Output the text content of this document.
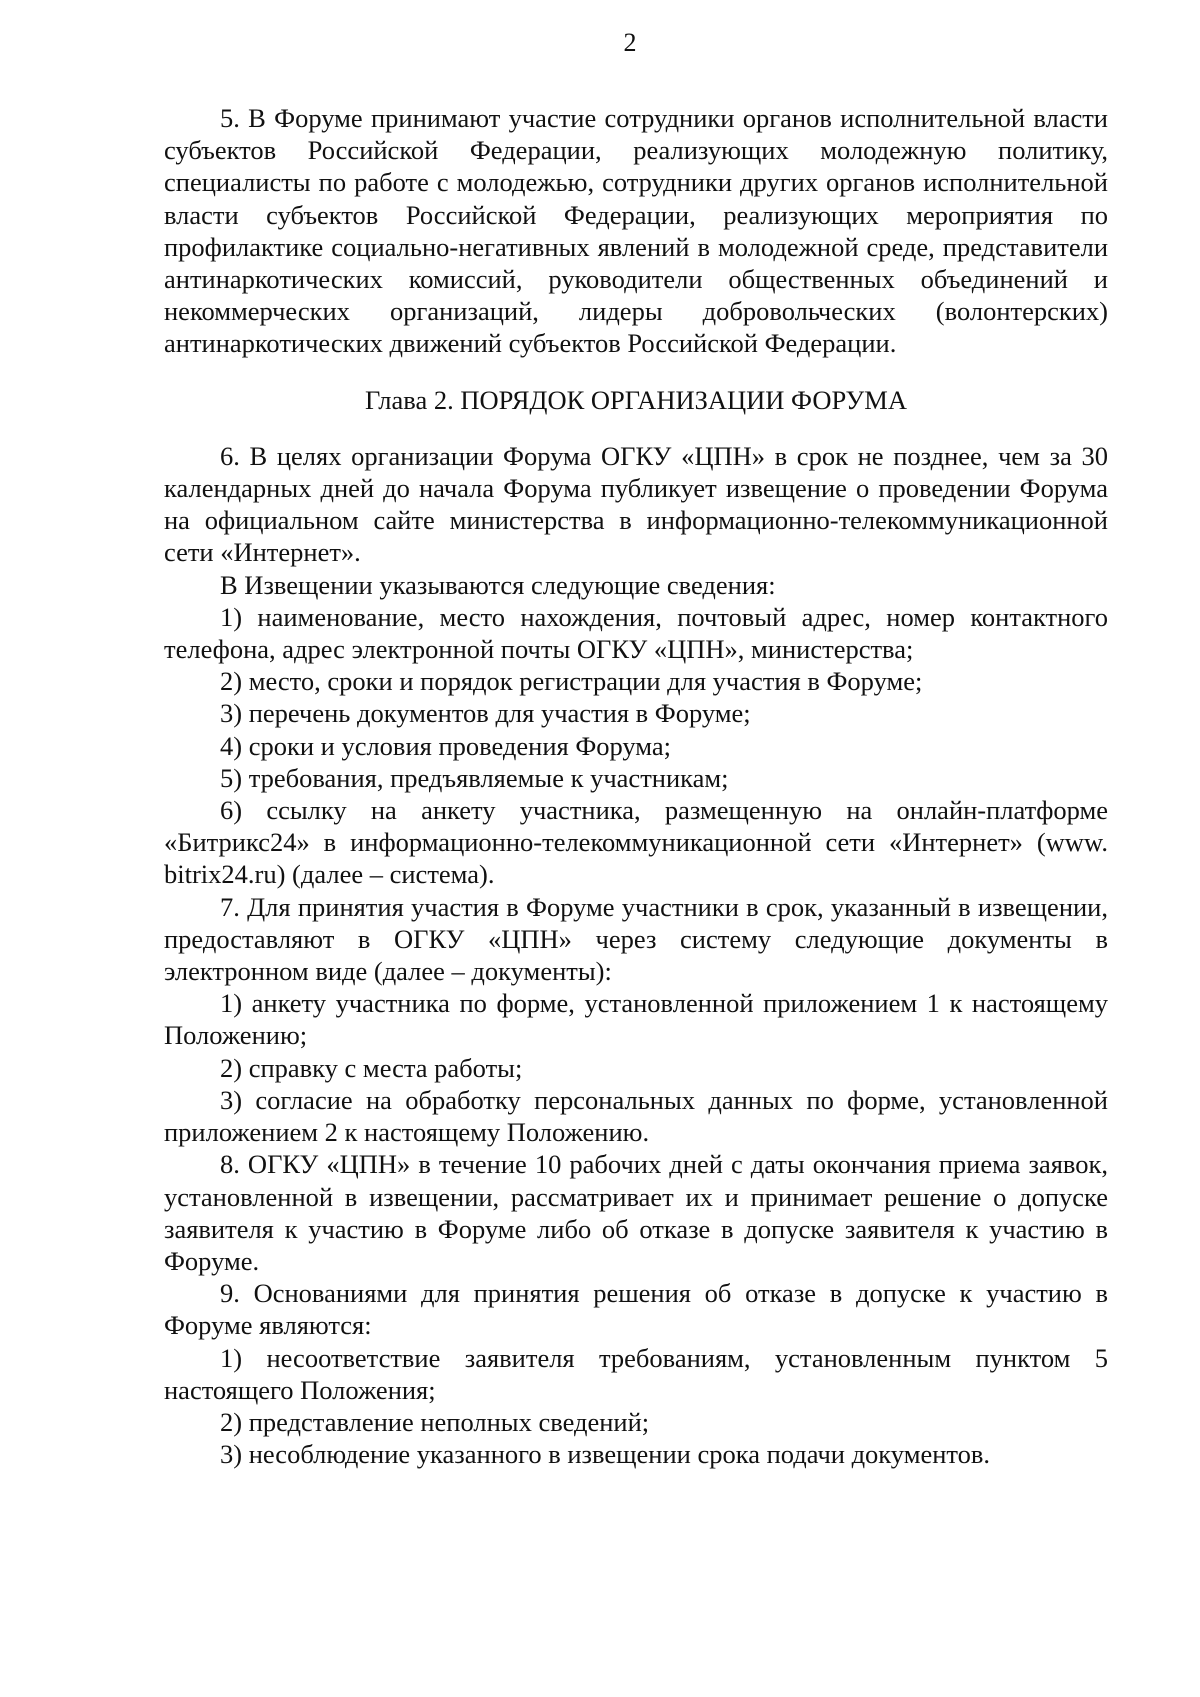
2

5. В Форуме принимают участие сотрудники органов исполнительной власти субъектов Российской Федерации, реализующих молодежную политику, специалисты по работе с молодежью, сотрудники других органов исполнительной власти субъектов Российской Федерации, реализующих мероприятия по профилактике социально-негативных явлений в молодежной среде, представители антинаркотических комиссий, руководители общественных объединений и некоммерческих организаций, лидеры добровольческих (волонтерских) антинаркотических движений субъектов Российской Федерации.

Глава 2. ПОРЯДОК ОРГАНИЗАЦИИ ФОРУМА

6. В целях организации Форума ОГКУ «ЦПН» в срок не позднее, чем за 30 календарных дней до начала Форума публикует извещение о проведении Форума на официальном сайте министерства в информационно-телекоммуникационной сети «Интернет».

В Извещении указываются следующие сведения:

1) наименование, место нахождения, почтовый адрес, номер контактного телефона, адрес электронной почты ОГКУ «ЦПН», министерства;

2) место, сроки и порядок регистрации для участия в Форуме;

3) перечень документов для участия в Форуме;

4) сроки и условия проведения Форума;

5) требования, предъявляемые к участникам;

6) ссылку на анкету участника, размещенную на онлайн-платформе «Битрикс24» в информационно-телекоммуникационной сети «Интернет» (www. bitrix24.ru) (далее – система).

7. Для принятия участия в Форуме участники в срок, указанный в извещении, предоставляют в ОГКУ «ЦПН» через систему следующие документы в электронном виде (далее – документы):

1) анкету участника по форме, установленной приложением 1 к настоящему Положению;

2) справку с места работы;

3) согласие на обработку персональных данных по форме, установленной приложением 2 к настоящему Положению.

8. ОГКУ «ЦПН» в течение 10 рабочих дней с даты окончания приема заявок, установленной в извещении, рассматривает их и принимает решение о допуске заявителя к участию в Форуме либо об отказе в допуске заявителя к участию в Форуме.

9. Основаниями для принятия решения об отказе в допуске к участию в Форуме являются:

1) несоответствие заявителя требованиям, установленным пунктом 5 настоящего Положения;

2) представление неполных сведений;

3) несоблюдение указанного в извещении срока подачи документов.
